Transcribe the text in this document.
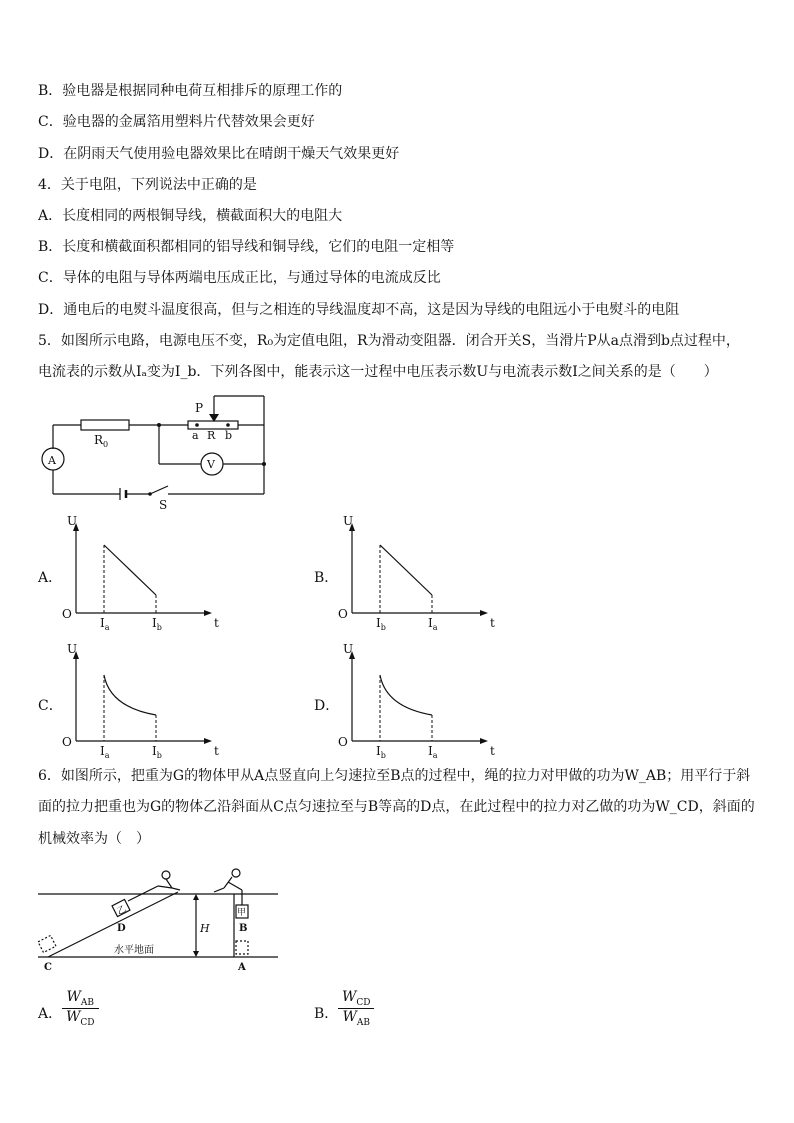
B．验电器是根据同种电荷互相排斥的原理工作的
C．验电器的金属箔用塑料片代替效果会更好
D．在阴雨天气使用验电器效果比在晴朗干燥天气效果更好
4．关于电阻，下列说法中正确的是
A．长度相同的两根铜导线，横截面积大的电阻大
B．长度和横截面积都相同的铝导线和铜导线，它们的电阻一定相等
C．导体的电阻与导体两端电压成正比，与通过导体的电流成反比
D．通电后的电熨斗温度很高，但与之相连的导线温度却不高，这是因为导线的电阻远小于电熨斗的电阻
5．如图所示电路，电源电压不变，R₀为定值电阻，R为滑动变阻器．闭合开关S，当滑片P从a点滑到b点过程中，
电流表的示数从Iₐ变为I_b．下列各图中，能表示这一过程中电压表示数U与电流表示数I之间关系的是（　　）
P
a R b
$R_0$
A	V
S
A．
U
O
t
$I_a$	$I_b$
B．
U
O
t
$I_b$	$I_a$
C．
U
O
t
$I_a$	$I_b$
D．
U
O
t
$I_b$	$I_a$
6．如图所示，把重为G的物体甲从A点竖直向上匀速拉至B点的过程中，绳的拉力对甲做的功为W_AB；用平行于斜
面的拉力把重也为G的物体乙沿斜面从C点匀速拉至与B等高的D点，在此过程中的拉力对乙做的功为W_CD，斜面的
机械效率为（　）
乙	甲
D	B
C	A
H
水平地面
A．
$W_{AB}$
$W_{CD}$
B．
$W_{CD}$
$W_{AB}$
